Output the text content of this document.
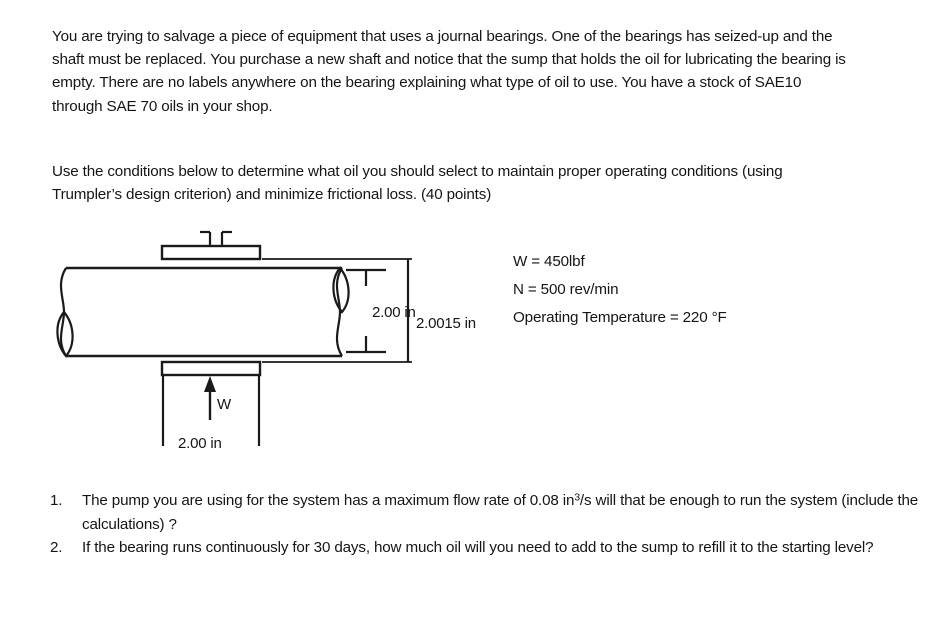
You are trying to salvage a piece of equipment that uses a journal bearings. One of the bearings has seized-up and the shaft must be replaced. You purchase a new shaft and notice that the sump that holds the oil for lubricating the bearing is empty. There are no labels anywhere on the bearing explaining what type of oil to use. You have a stock of SAE10 through SAE 70 oils in your shop.
Use the conditions below to determine what oil you should select to maintain proper operating conditions (using Trumpler’s design criterion) and minimize frictional loss. (40 points)
W = 450lbf
N = 500 rev/min
Operating Temperature = 220 °F
2.00 in
2.0015 in
W
2.00 in
1.	The pump you are using for the system has a maximum flow rate of 0.08 $in^3/s$ will that be enough to run the system (include the calculations) ?
2.	If the bearing runs continuously for 30 days, how much oil will you need to add to the sump to refill it to the starting level?
